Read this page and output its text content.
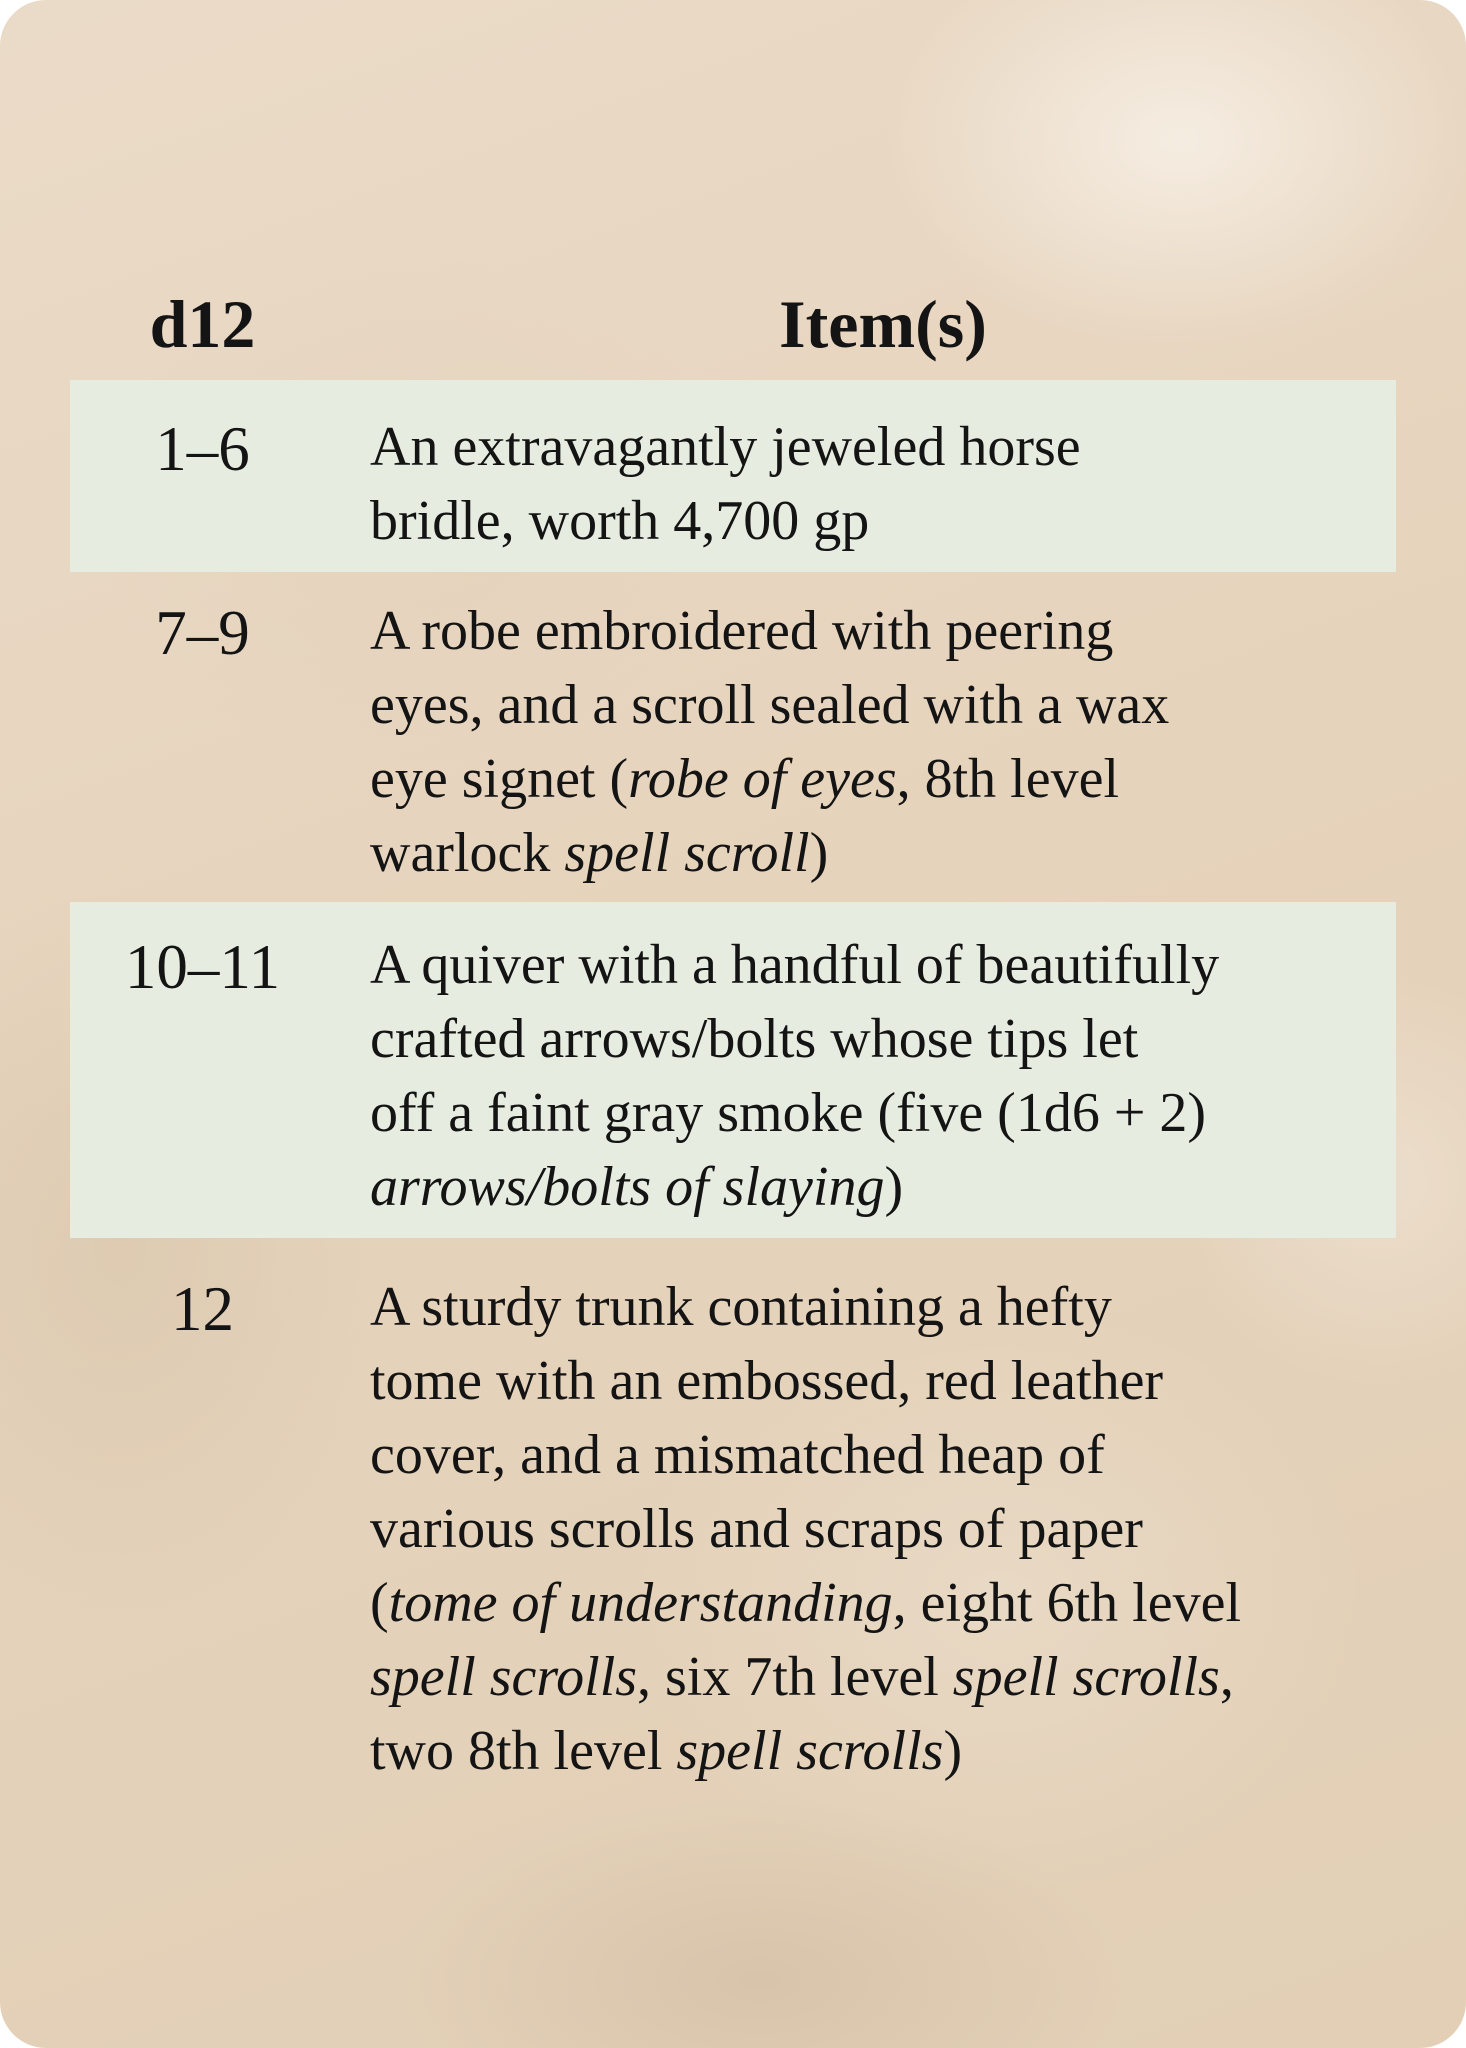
d12	Item(s)
1–6	An extravagantly jeweled horse
bridle, worth 4,700 gp
7–9	A robe embroidered with peering
eyes, and a scroll sealed with a wax
eye signet (robe of eyes, 8th level
warlock spell scroll)
10–11	A quiver with a handful of beautifully
crafted arrows/bolts whose tips let
off a faint gray smoke (five (1d6 + 2)
arrows/bolts of slaying)
12	A sturdy trunk containing a hefty
tome with an embossed, red leather
cover, and a mismatched heap of
various scrolls and scraps of paper
(tome of understanding, eight 6th level
spell scrolls, six 7th level spell scrolls,
two 8th level spell scrolls)
